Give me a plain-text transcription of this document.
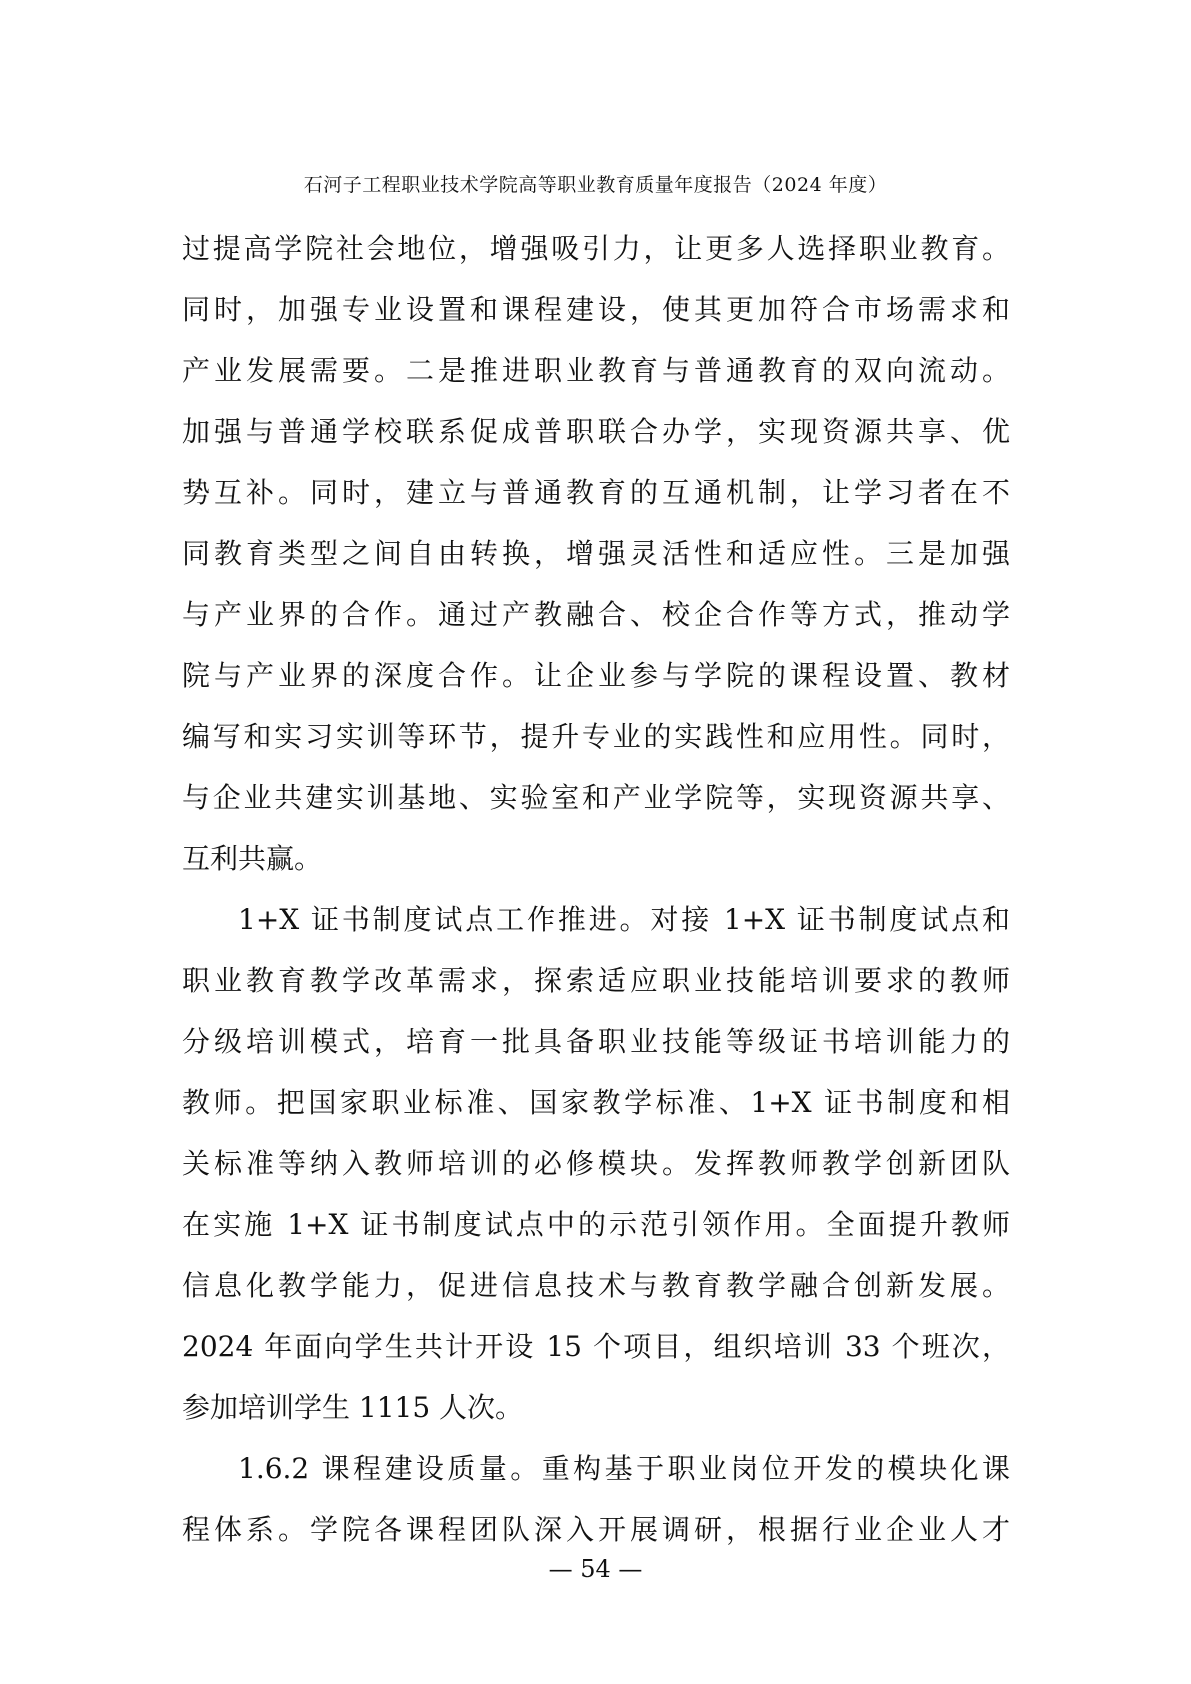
石河子工程职业技术学院高等职业教育质量年度报告（2024 年度）
过提高学院社会地位，增强吸引力，让更多人选择职业教育。
同时，加强专业设置和课程建设，使其更加符合市场需求和
产业发展需要。二是推进职业教育与普通教育的双向流动。
加强与普通学校联系促成普职联合办学，实现资源共享、优
势互补。同时，建立与普通教育的互通机制，让学习者在不
同教育类型之间自由转换，增强灵活性和适应性。三是加强
与产业界的合作。通过产教融合、校企合作等方式，推动学
院与产业界的深度合作。让企业参与学院的课程设置、教材
编写和实习实训等环节，提升专业的实践性和应用性。同时，
与企业共建实训基地、实验室和产业学院等，实现资源共享、
互利共赢。
1+X 证书制度试点工作推进。对接 1+X 证书制度试点和
职业教育教学改革需求，探索适应职业技能培训要求的教师
分级培训模式，培育一批具备职业技能等级证书培训能力的
教师。把国家职业标准、国家教学标准、1+X 证书制度和相
关标准等纳入教师培训的必修模块。发挥教师教学创新团队
在实施 1+X 证书制度试点中的示范引领作用。全面提升教师
信息化教学能力，促进信息技术与教育教学融合创新发展。
2024 年面向学生共计开设 15 个项目，组织培训 33 个班次，
参加培训学生 1115 人次。
1.6.2 课程建设质量。重构基于职业岗位开发的模块化课
程体系。学院各课程团队深入开展调研，根据行业企业人才
— 54 —
